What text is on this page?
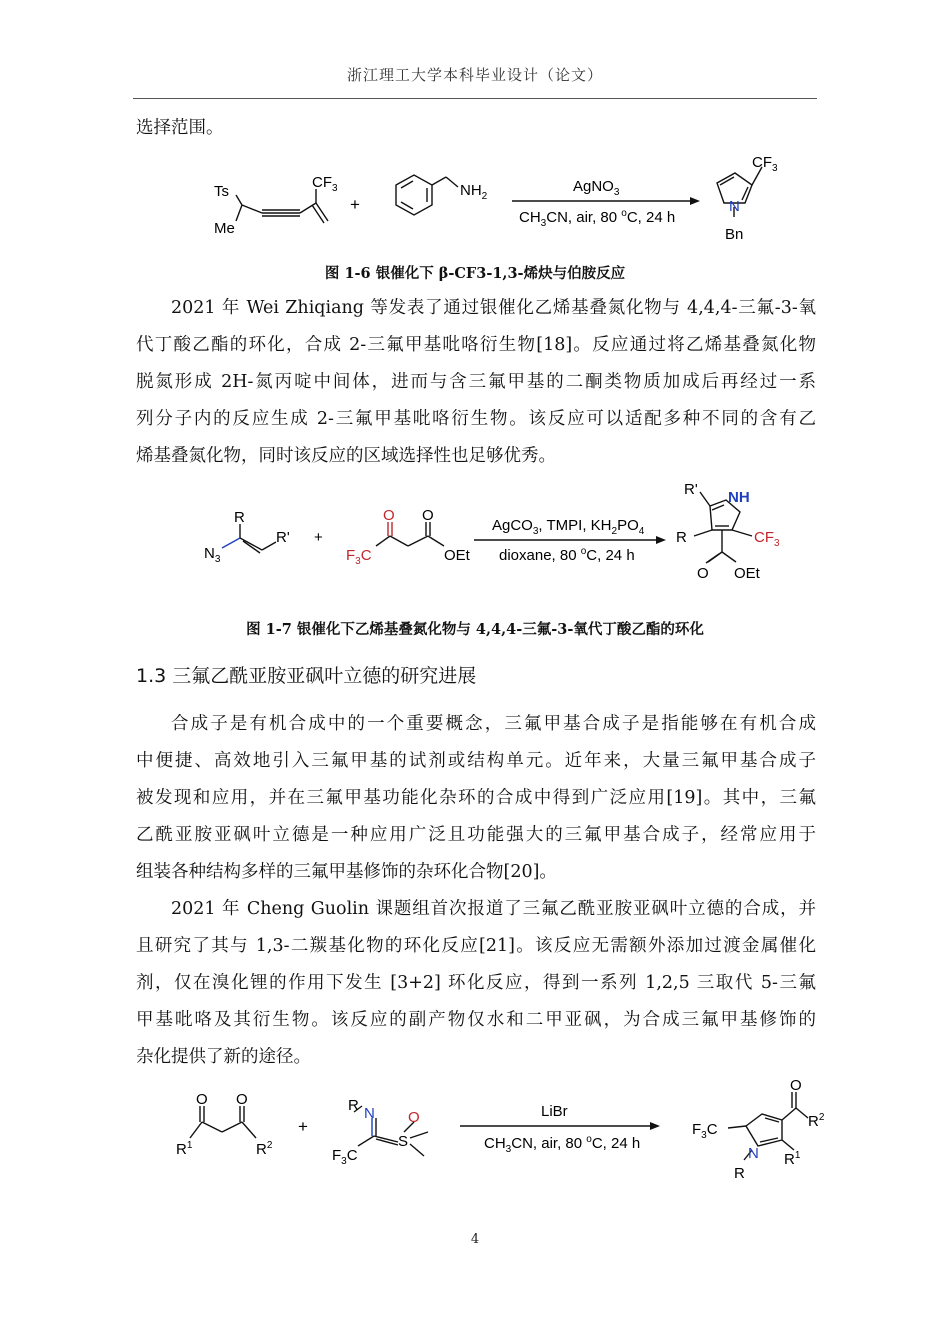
浙江理工大学本科毕业设计（论文）
选择范围。
Ts
Me
$CF_3$
+
$NH_2$
AgNO$_3$
$CH_3CN$, air, 80 $^o$C, 24 h
$CF_3$
N
Bn
图 1-6 银催化下 β-CF3-1,3-烯炔与伯胺反应
2021 年 Wei Zhiqiang 等发表了通过银催化乙烯基叠氮化物与 4,4,4-三氟-3-氧
代丁酸乙酯的环化，合成 2-三氟甲基吡咯衍生物[18]。反应通过将乙烯基叠氮化物
脱氮形成 2H-氮丙啶中间体，进而与含三氟甲基的二酮类物质加成后再经过一系
列分子内的反应生成 2-三氟甲基吡咯衍生物。该反应可以适配多种不同的含有乙
烯基叠氮化物，同时该反应的区域选择性也足够优秀。
R
R'
$N_3$
+
O O
$F_3C$	OEt
AgCO$_3$, TMPI, $KH_2PO_4$
dioxane, 80 $^o$C, 24 h
R' NH
R	$CF_3$
O OEt
图 1-7 银催化下乙烯基叠氮化物与 4,4,4-三氟-3-氧代丁酸乙酯的环化
1.3 三氟乙酰亚胺亚砜叶立德的研究进展
合成子是有机合成中的一个重要概念，三氟甲基合成子是指能够在有机合成
中便捷、高效地引入三氟甲基的试剂或结构单元。近年来，大量三氟甲基合成子
被发现和应用，并在三氟甲基功能化杂环的合成中得到广泛应用[19]。其中，三氟
乙酰亚胺亚砜叶立德是一种应用广泛且功能强大的三氟甲基合成子，经常应用于
组装各种结构多样的三氟甲基修饰的杂环化合物[20]。
2021 年 Cheng Guolin 课题组首次报道了三氟乙酰亚胺亚砜叶立德的合成，并
且研究了其与 1,3-二羰基化物的环化反应[21]。该反应无需额外添加过渡金属催化
剂，仅在溴化锂的作用下发生 [3+2] 环化反应，得到一系列 1,2,5 三取代 5-三氟
甲基吡咯及其衍生物。该反应的副产物仅水和二甲亚砜，为合成三氟甲基修饰的
杂化提供了新的途径。
O O
$R^1$	$R^2$
+
R N
$F_3C$
S
O	LiBr
$CH_3CN$, air, 80 $^o$C, 24 h
$F_3C$
O
$R^2$
N $R^1$
R
4
